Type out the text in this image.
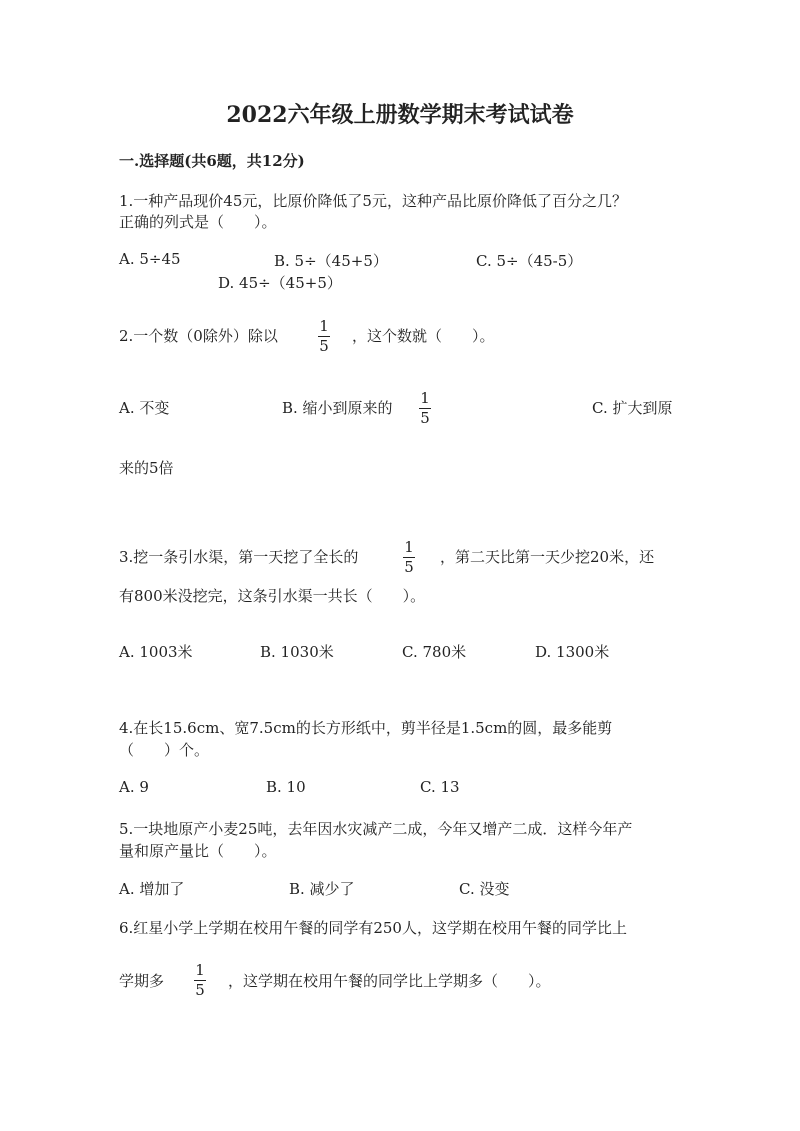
2022六年级上册数学期末考试试卷
一.选择题(共6题，共12分)
1.一种产品现价45元，比原价降低了5元，这种产品比原价降低了百分之几？
正确的列式是（　　）。
A. 5÷45	B. 5÷（45+5）	C. 5÷（45-5）
D. 45÷（45+5）
2.一个数（0除外）除以
1
5
，这个数就（　　）。
A. 不变	B. 缩小到原来的
1
5
C. 扩大到原
来的5倍
3.挖一条引水渠，第一天挖了全长的
1
5
，第二天比第一天少挖20米，还
有800米没挖完，这条引水渠一共长（　　）。
A. 1003米	B. 1030米	C. 780米	D. 1300米
4.在长15.6cm、宽7.5cm的长方形纸中，剪半径是1.5cm的圆，最多能剪
（　　）个。
A. 9	B. 10	C. 13
5.一块地原产小麦25吨，去年因水灾减产二成，今年又增产二成．这样今年产
量和原产量比（　　）。
A. 增加了	B. 减少了	C. 没变
6.红星小学上学期在校用午餐的同学有250人，这学期在校用午餐的同学比上
学期多
1
5 ，这学期在校用午餐的同学比上学期多（　　）。
